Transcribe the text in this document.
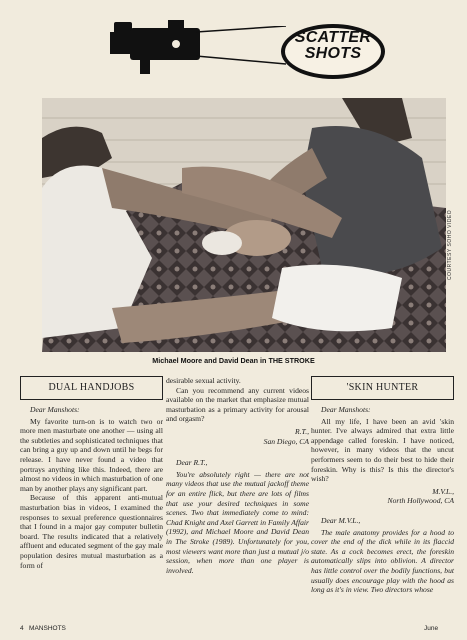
SCATTER
SHOTS
COURTESY SOHO VIDEO
Michael Moore and David Dean in THE STROKE
DUAL HANDJOBS

Dear Manshots:

My favorite turn-on is to watch two or more men masturbate one another — using all the subtleties and sophisticated techniques that can bring a guy up and down until he begs for release. I have never found a video that portrays anything like this. Indeed, there are almost no videos in which masturbation of one man by another plays any significant part.

Because of this apparent anti-mutual masturbation bias in videos, I examined the responses to sexual preference questionnaires that I found in a major gay computer bulletin board. The results indicated that a relatively affluent and educated segment of the gay male population desires mutual masturbation as a form of

desirable sexual activity.

Can you recommend any current videos available on the market that emphasize mutual masturbation as a primary activity for arousal and orgasm?

R.T.,

San Diego, CA

Dear R.T.,

You're absolutely right — there are not many videos that use the mutual jackoff theme for an entire flick, but there are lots of films that use your desired techniques in some scenes. Two that immediately come to mind: Chad Knight and Axel Garrett in Family Affair (1992), and Michael Moore and David Dean in The Stroke (1989). Unfortunately for you, most viewers want more than just a mutual j/o session, when more than one player is involved.

'SKIN HUNTER

Dear Manshots:

All my life, I have been an avid 'skin hunter. I've always admired that extra little appendage called foreskin. I have noticed, however, in many videos that the uncut performers seem to do their best to hide their foreskin. Why is this? Is this the director's wish?

M.V.L.,

North Hollywood, CA

Dear M.V.L.,

The male anatomy provides for a hood to cover the end of the dick while in its flaccid state. As a cock becomes erect, the foreskin automatically slips into oblivion. A director has little control over the bodily functions, but usually does encourage play with the hood as long as it's in view. Two directors whose

4 MANSHOTS	June
